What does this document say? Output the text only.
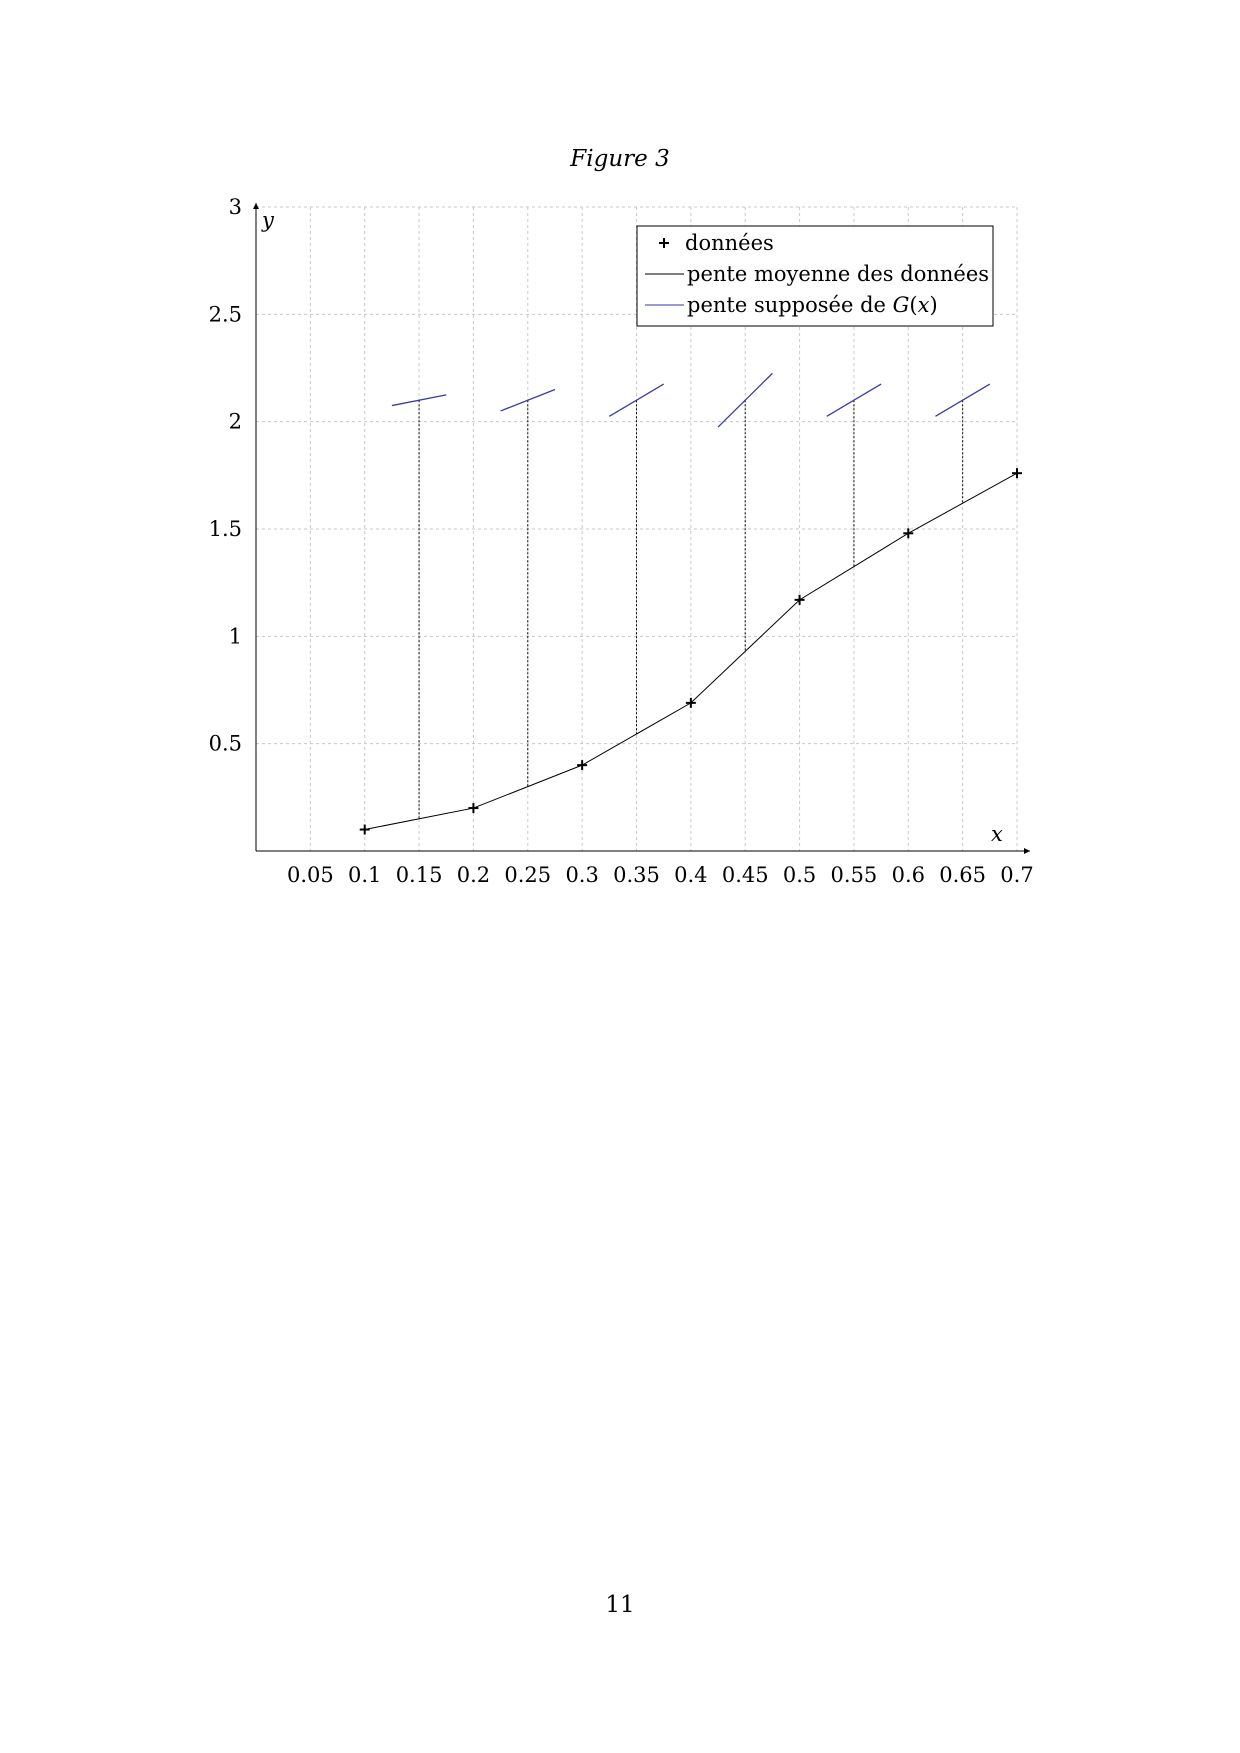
Figure 3
0.05 0.1 0.15 0.2 0.25 0.3 0.35 0.4 0.45 0.5 0.55 0.6 0.65 0.7
0.5
1
1.5
2
2.5
3
données
pente moyenne des données
pente supposée de G(x)
x
y
11
